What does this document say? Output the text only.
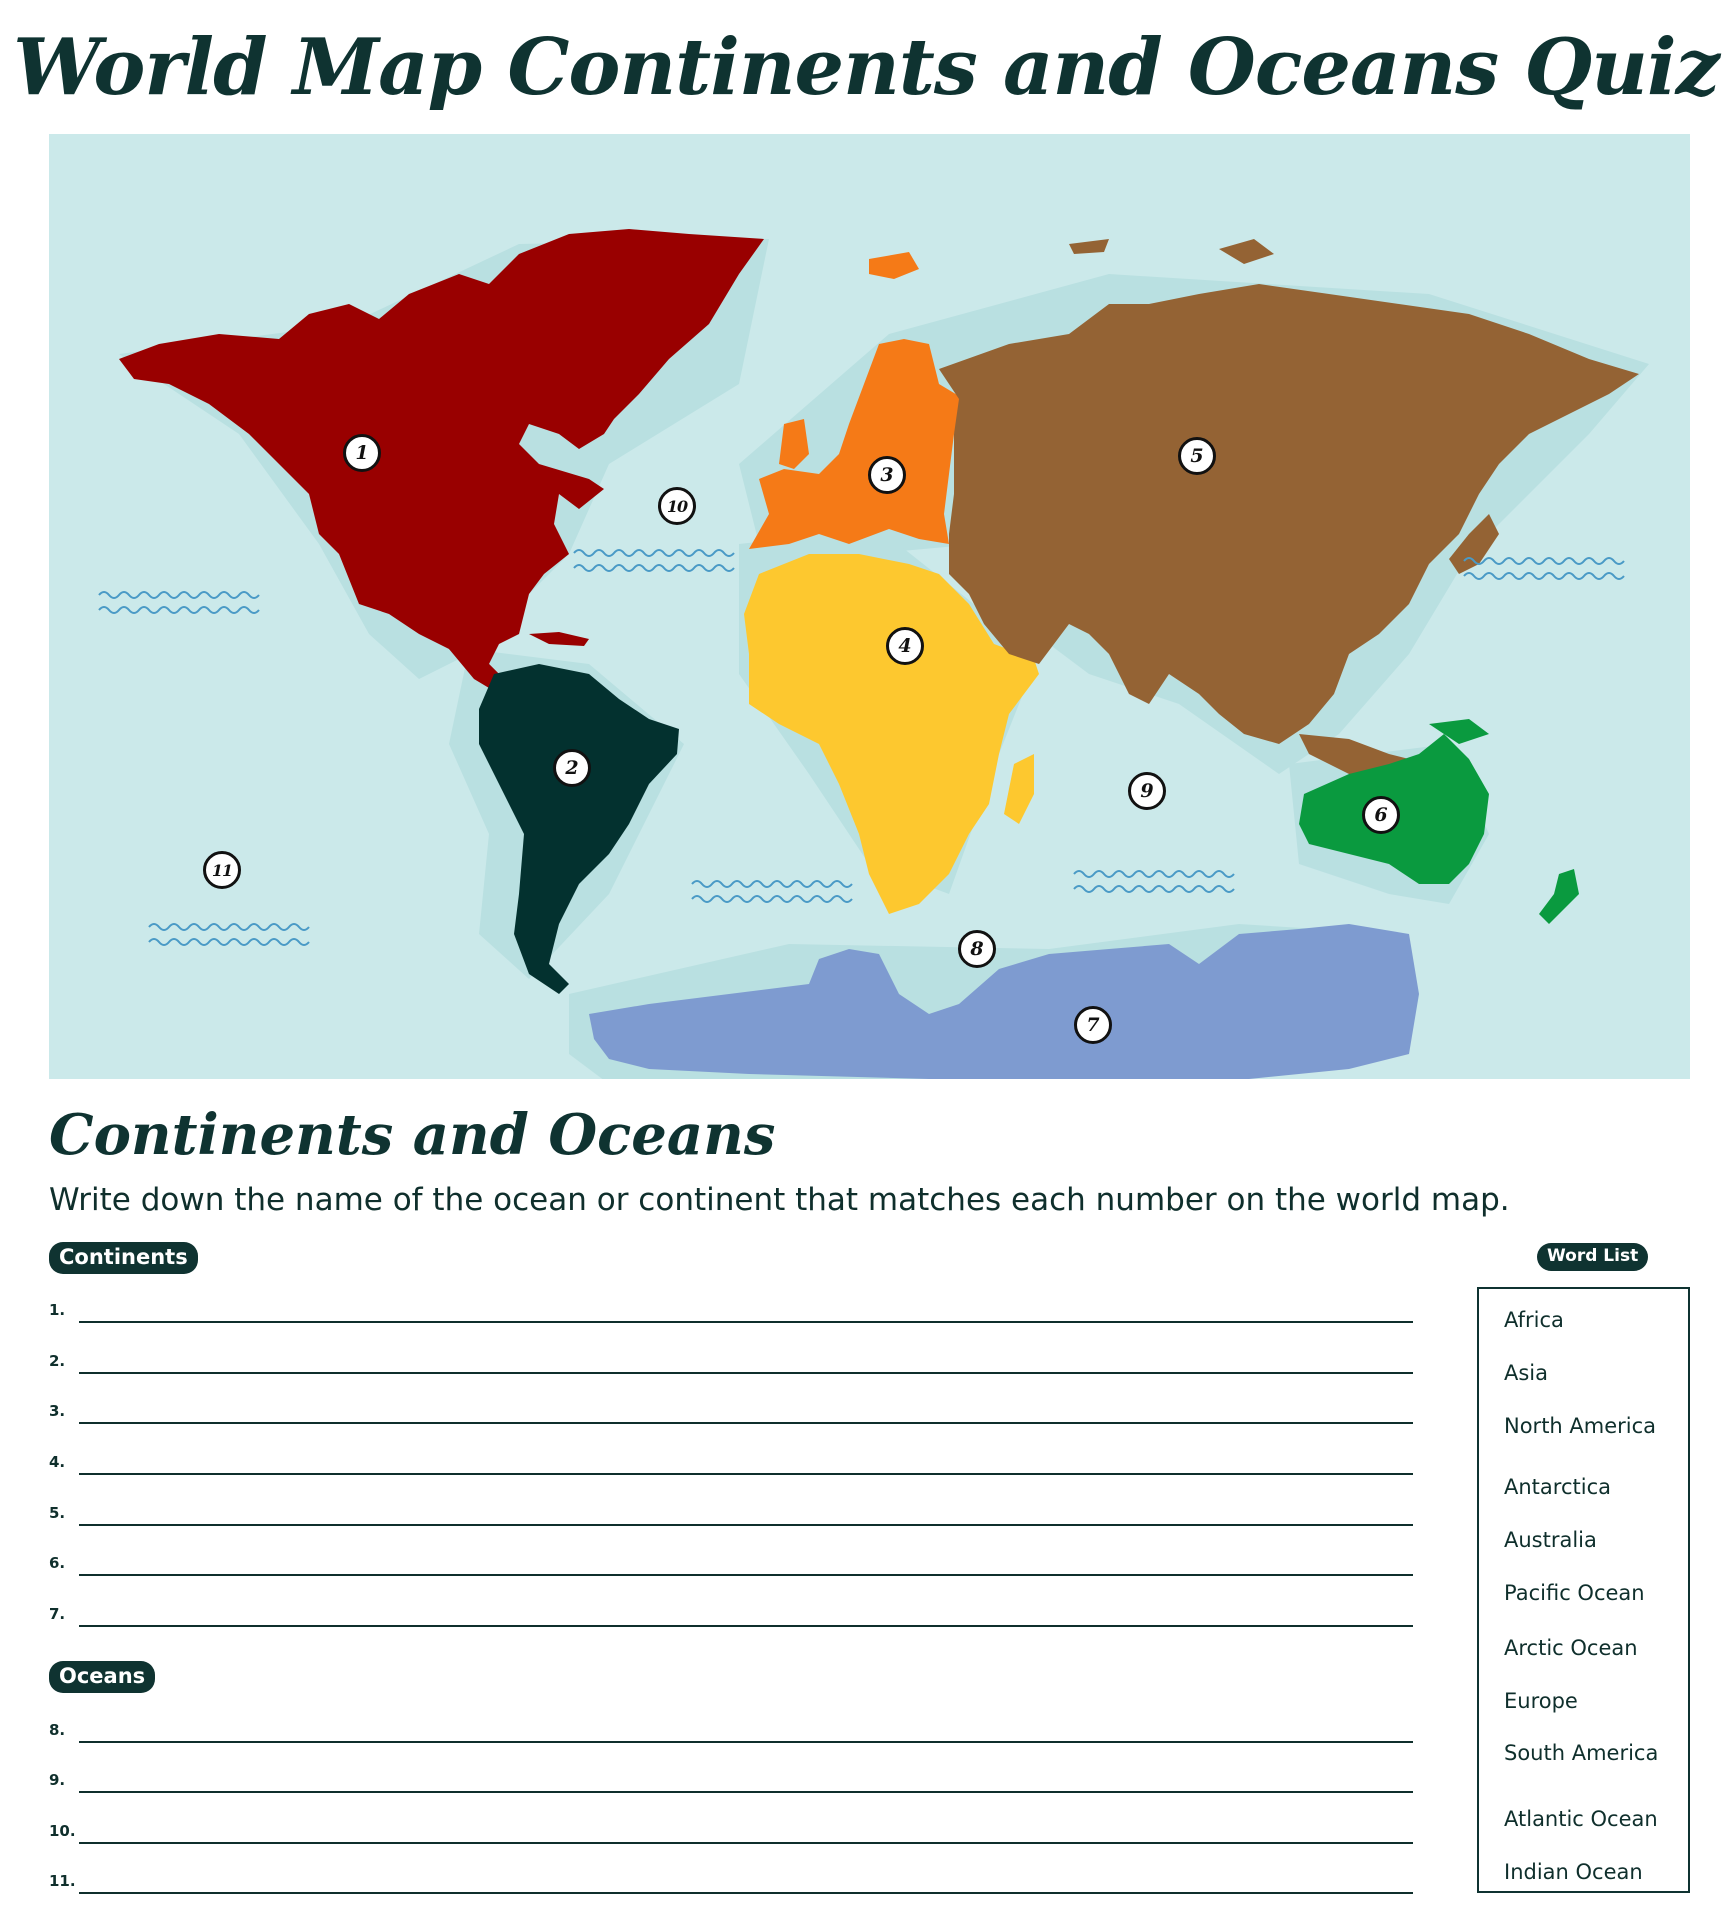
World Map Continents and Oceans Quiz
1
2
3
4
5
6
7
8
9
10
11
Continents and Oceans

Write down the name of the ocean or continent that matches each number on the world map.

Continents
1.
2.
3.
4.
5.
6.
7.
Oceans
8.
9.
10.
11.
Word List
Africa
Asia
North America
Antarctica
Australia
Pacific Ocean
Arctic Ocean
Europe
South America
Atlantic Ocean
Indian Ocean
